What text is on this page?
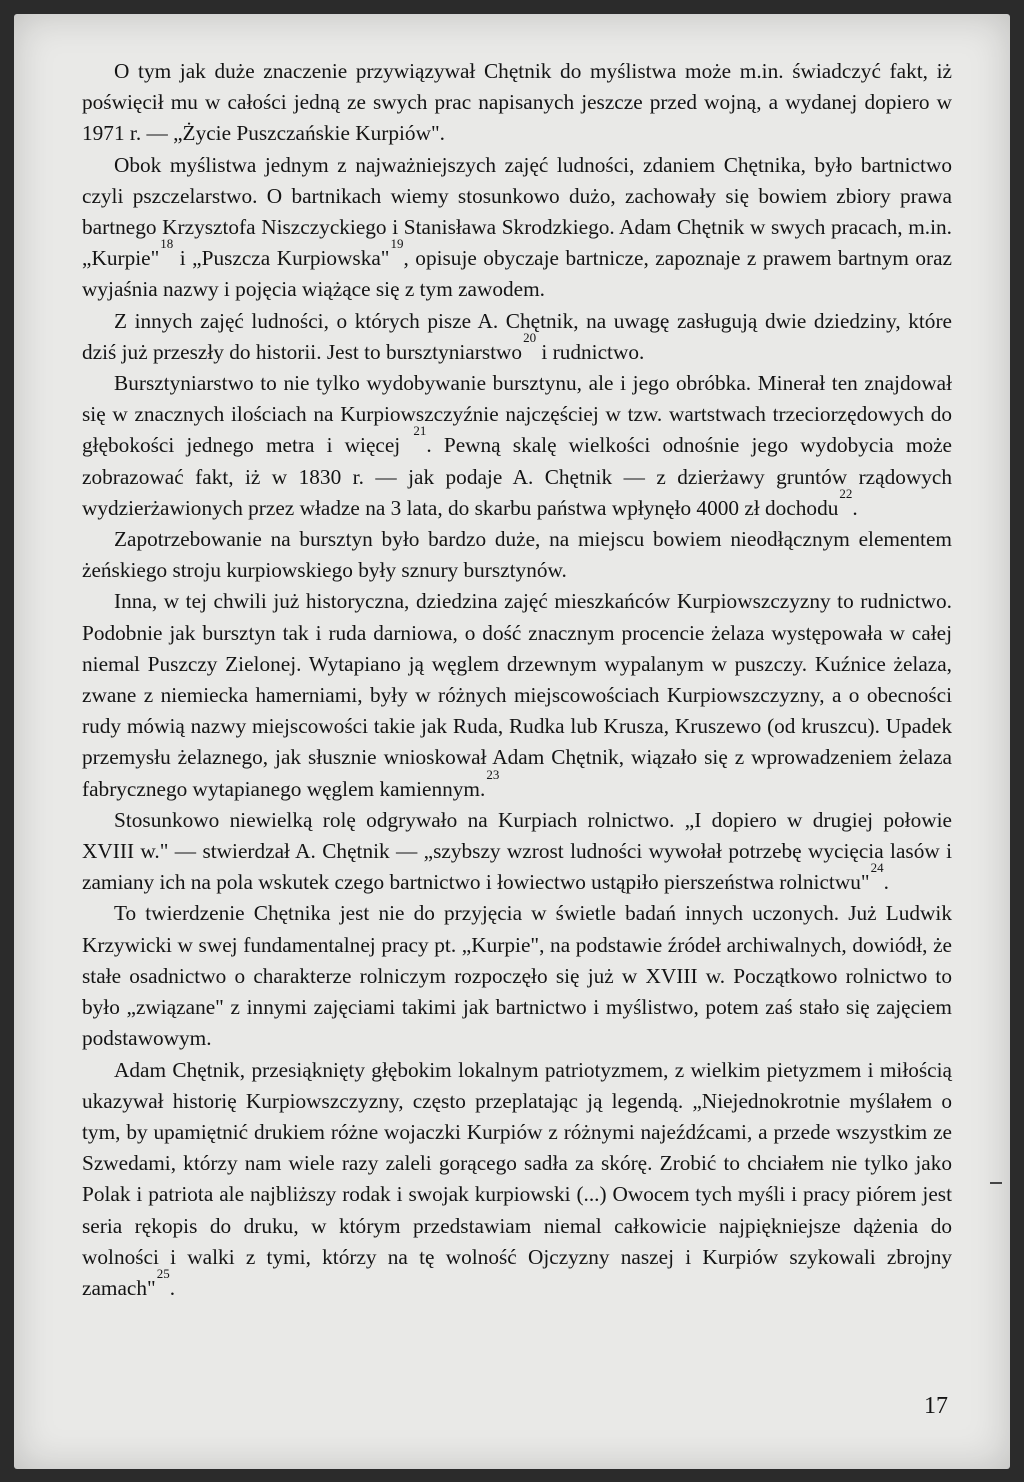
O tym jak duże znaczenie przywiązywał Chętnik do myślistwa może m.in. świadczyć fakt, iż poświęcił mu w całości jedną ze swych prac napisanych jeszcze przed wojną, a wydanej dopiero w 1971 r. — „Życie Puszczańskie Kurpiów".

Obok myślistwa jednym z najważniejszych zajęć ludności, zdaniem Chętnika, było bartnictwo czyli pszczelarstwo. O bartnikach wiemy stosunkowo dużo, zachowały się bowiem zbiory prawa bartnego Krzysztofa Niszczyckiego i Stanisława Skrodzkiego. Adam Chętnik w swych pracach, m.in. „Kurpie"$^{18}$ i „Puszcza Kurpiowska"$^{19}$, opisuje obyczaje bartnicze, zapoznaje z prawem bartnym oraz wyjaśnia nazwy i pojęcia wiążące się z tym zawodem.

Z innych zajęć ludności, o których pisze A. Chętnik, na uwagę zasługują dwie dziedziny, które dziś już przeszły do historii. Jest to bursztyniarstwo$^{20}$ i rudnictwo.

Bursztyniarstwo to nie tylko wydobywanie bursztynu, ale i jego obróbka. Minerał ten znajdował się w znacznych ilościach na Kurpiowszczyźnie najczęściej w tzw. wartstwach trzeciorzędowych do głębokości jednego metra i więcej $^{21}$. Pewną skalę wielkości odnośnie jego wydobycia może zobrazować fakt, iż w 1830 r. — jak podaje A. Chętnik — z dzierżawy gruntów rządowych wydzierżawionych przez władze na 3 lata, do skarbu państwa wpłynęło 4000 zł dochodu$^{22}$.

Zapotrzebowanie na bursztyn było bardzo duże, na miejscu bowiem nieodłącznym elementem żeńskiego stroju kurpiowskiego były sznury bursztynów.

Inna, w tej chwili już historyczna, dziedzina zajęć mieszkańców Kurpiowszczyzny to rudnictwo. Podobnie jak bursztyn tak i ruda darniowa, o dość znacznym procencie żelaza występowała w całej niemal Puszczy Zielonej. Wytapiano ją węglem drzewnym wypalanym w puszczy. Kuźnice żelaza, zwane z niemiecka hamerniami, były w różnych miejscowościach Kurpiowszczyzny, a o obecności rudy mówią nazwy miejscowości takie jak Ruda, Rudka lub Krusza, Kruszewo (od kruszcu). Upadek przemysłu żelaznego, jak słusznie wnioskował Adam Chętnik, wiązało się z wprowadzeniem żelaza fabrycznego wytapianego węglem kamiennym.$^{23}$

Stosunkowo niewielką rolę odgrywało na Kurpiach rolnictwo. „I dopiero w drugiej połowie XVIII w." — stwierdzał A. Chętnik — „szybszy wzrost ludności wywołał potrzebę wycięcia lasów i zamiany ich na pola wskutek czego bartnictwo i łowiectwo ustąpiło pierszeństwa rolnictwu"$^{24}$.

To twierdzenie Chętnika jest nie do przyjęcia w świetle badań innych uczonych. Już Ludwik Krzywicki w swej fundamentalnej pracy pt. „Kurpie", na podstawie źródeł archiwalnych, dowiódł, że stałe osadnictwo o charakterze rolniczym rozpoczęło się już w XVIII w. Początkowo rolnictwo to było „związane" z innymi zajęciami takimi jak bartnictwo i myślistwo, potem zaś stało się zajęciem podstawowym.

Adam Chętnik, przesiąknięty głębokim lokalnym patriotyzmem, z wielkim pietyzmem i miłością ukazywał historię Kurpiowszczyzny, często przeplatając ją legendą. „Niejednokrotnie myślałem o tym, by upamiętnić drukiem różne wojaczki Kurpiów z różnymi najeźdźcami, a przede wszystkim ze Szwedami, którzy nam wiele razy zaleli gorącego sadła za skórę. Zrobić to chciałem nie tylko jako Polak i patriota ale najbliższy rodak i swojak kurpiowski (...) Owocem tych myśli i pracy piórem jest seria rękopis do druku, w którym przedstawiam niemal całkowicie najpiękniejsze dążenia do wolności i walki z tymi, którzy na tę wolność Ojczyzny naszej i Kurpiów szykowali zbrojny zamach"$^{25}$.

17
